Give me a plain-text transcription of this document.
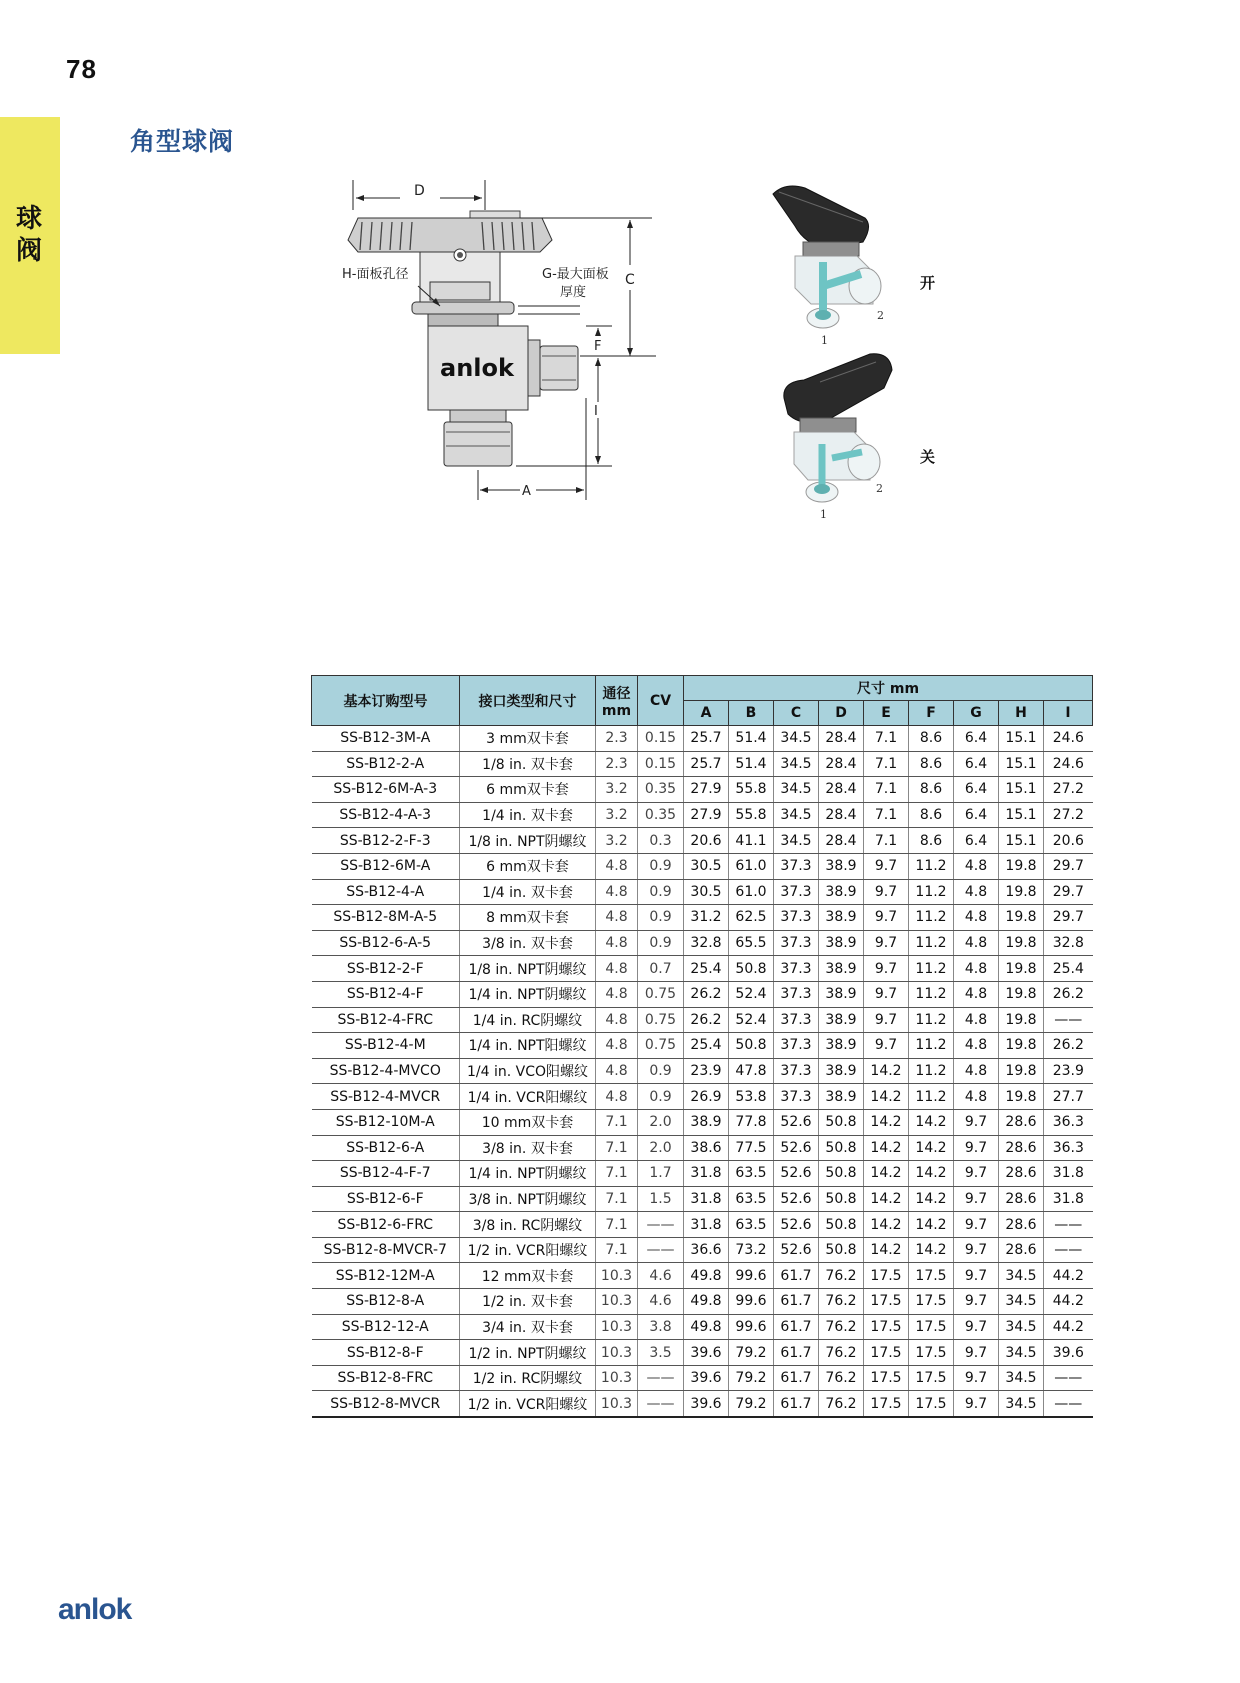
78
球阀
角型球阀
D
anlok
H-面板孔径	G-最大面板
厚度
C
F
I
A
2
1
开
2
1
关
基本订购型号	接口类型和尺寸	通径
mm	CV	尺寸 mm								
				A	B	C	D	E	F	G	H	I
SS-B12-3M-A	3 mm双卡套	2.3	0.15	25.7	51.4	34.5	28.4	7.1	8.6	6.4	15.1	24.6
SS-B12-2-A	1/8 in. 双卡套	2.3	0.15	25.7	51.4	34.5	28.4	7.1	8.6	6.4	15.1	24.6
SS-B12-6M-A-3	6 mm双卡套	3.2	0.35	27.9	55.8	34.5	28.4	7.1	8.6	6.4	15.1	27.2
SS-B12-4-A-3	1/4 in. 双卡套	3.2	0.35	27.9	55.8	34.5	28.4	7.1	8.6	6.4	15.1	27.2
SS-B12-2-F-3	1/8 in. NPT阴螺纹	3.2	0.3	20.6	41.1	34.5	28.4	7.1	8.6	6.4	15.1	20.6
SS-B12-6M-A	6 mm双卡套	4.8	0.9	30.5	61.0	37.3	38.9	9.7	11.2	4.8	19.8	29.7
SS-B12-4-A	1/4 in. 双卡套	4.8	0.9	30.5	61.0	37.3	38.9	9.7	11.2	4.8	19.8	29.7
SS-B12-8M-A-5	8 mm双卡套	4.8	0.9	31.2	62.5	37.3	38.9	9.7	11.2	4.8	19.8	29.7
SS-B12-6-A-5	3/8 in. 双卡套	4.8	0.9	32.8	65.5	37.3	38.9	9.7	11.2	4.8	19.8	32.8
SS-B12-2-F	1/8 in. NPT阴螺纹	4.8	0.7	25.4	50.8	37.3	38.9	9.7	11.2	4.8	19.8	25.4
SS-B12-4-F	1/4 in. NPT阴螺纹	4.8	0.75	26.2	52.4	37.3	38.9	9.7	11.2	4.8	19.8	26.2
SS-B12-4-FRC	1/4 in. RC阴螺纹	4.8	0.75	26.2	52.4	37.3	38.9	9.7	11.2	4.8	19.8	——
SS-B12-4-M	1/4 in. NPT阳螺纹	4.8	0.75	25.4	50.8	37.3	38.9	9.7	11.2	4.8	19.8	26.2
SS-B12-4-MVCO	1/4 in. VCO阳螺纹	4.8	0.9	23.9	47.8	37.3	38.9	14.2	11.2	4.8	19.8	23.9
SS-B12-4-MVCR	1/4 in. VCR阳螺纹	4.8	0.9	26.9	53.8	37.3	38.9	14.2	11.2	4.8	19.8	27.7
SS-B12-10M-A	10 mm双卡套	7.1	2.0	38.9	77.8	52.6	50.8	14.2	14.2	9.7	28.6	36.3
SS-B12-6-A	3/8 in. 双卡套	7.1	2.0	38.6	77.5	52.6	50.8	14.2	14.2	9.7	28.6	36.3
SS-B12-4-F-7	1/4 in. NPT阴螺纹	7.1	1.7	31.8	63.5	52.6	50.8	14.2	14.2	9.7	28.6	31.8
SS-B12-6-F	3/8 in. NPT阴螺纹	7.1	1.5	31.8	63.5	52.6	50.8	14.2	14.2	9.7	28.6	31.8
SS-B12-6-FRC	3/8 in. RC阴螺纹	7.1	——	31.8	63.5	52.6	50.8	14.2	14.2	9.7	28.6	——
SS-B12-8-MVCR-7	1/2 in. VCR阳螺纹	7.1	——	36.6	73.2	52.6	50.8	14.2	14.2	9.7	28.6	——
SS-B12-12M-A	12 mm双卡套	10.3	4.6	49.8	99.6	61.7	76.2	17.5	17.5	9.7	34.5	44.2
SS-B12-8-A	1/2 in. 双卡套	10.3	4.6	49.8	99.6	61.7	76.2	17.5	17.5	9.7	34.5	44.2
SS-B12-12-A	3/4 in. 双卡套	10.3	3.8	49.8	99.6	61.7	76.2	17.5	17.5	9.7	34.5	44.2
SS-B12-8-F	1/2 in. NPT阴螺纹	10.3	3.5	39.6	79.2	61.7	76.2	17.5	17.5	9.7	34.5	39.6
SS-B12-8-FRC	1/2 in. RC阴螺纹	10.3	——	39.6	79.2	61.7	76.2	17.5	17.5	9.7	34.5	——
SS-B12-8-MVCR	1/2 in. VCR阳螺纹	10.3	——	39.6	79.2	61.7	76.2	17.5	17.5	9.7	34.5	——
anlok
